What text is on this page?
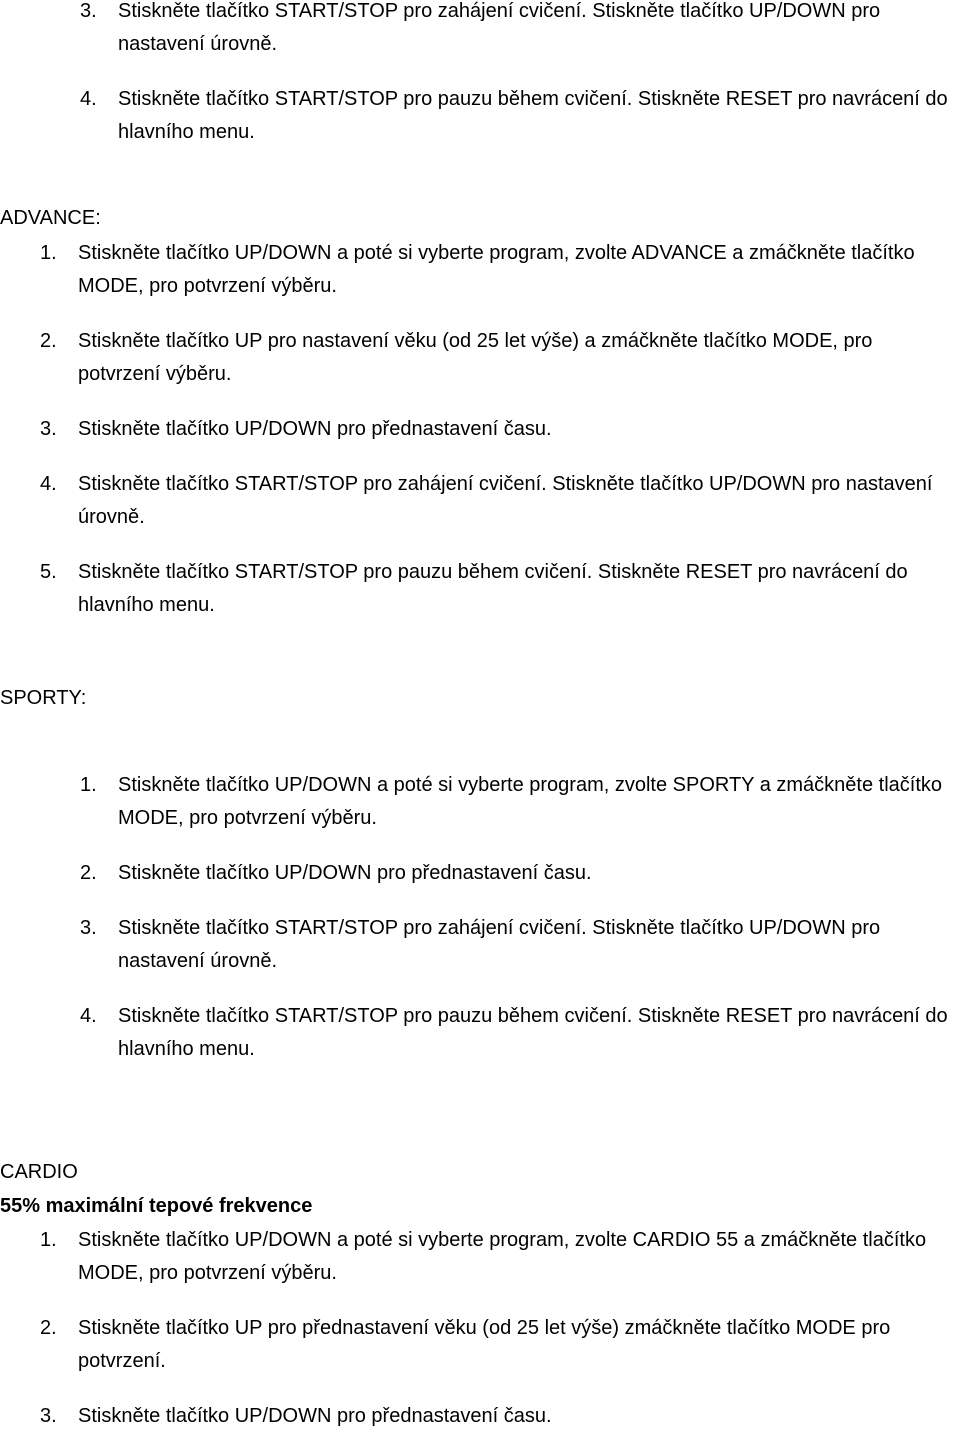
3. Stiskněte tlačítko START/STOP pro zahájení cvičení. Stiskněte tlačítko UP/DOWN pro nastavení úrovně.
4. Stiskněte tlačítko START/STOP pro pauzu během cvičení. Stiskněte RESET pro navrácení do hlavního menu.
ADVANCE:
1. Stiskněte tlačítko UP/DOWN a poté si vyberte program, zvolte ADVANCE a zmáčkněte tlačítko MODE, pro potvrzení výběru.
2. Stiskněte tlačítko UP pro nastavení věku (od 25 let výše) a zmáčkněte tlačítko MODE, pro potvrzení výběru.
3. Stiskněte tlačítko UP/DOWN pro přednastavení času.
4. Stiskněte tlačítko START/STOP pro zahájení cvičení. Stiskněte tlačítko UP/DOWN pro nastavení úrovně.
5. Stiskněte tlačítko START/STOP pro pauzu během cvičení. Stiskněte RESET pro navrácení do hlavního menu.
SPORTY:
1. Stiskněte tlačítko UP/DOWN a poté si vyberte program, zvolte SPORTY a zmáčkněte tlačítko MODE, pro potvrzení výběru.
2. Stiskněte tlačítko UP/DOWN pro přednastavení času.
3. Stiskněte tlačítko START/STOP pro zahájení cvičení. Stiskněte tlačítko UP/DOWN pro nastavení úrovně.
4. Stiskněte tlačítko START/STOP pro pauzu během cvičení. Stiskněte RESET pro navrácení do hlavního menu.
CARDIO
55% maximální tepové frekvence
1. Stiskněte tlačítko UP/DOWN a poté si vyberte program, zvolte CARDIO 55 a zmáčkněte tlačítko MODE, pro potvrzení výběru.
2. Stiskněte tlačítko UP pro přednastavení věku (od 25 let výše) zmáčkněte tlačítko MODE pro potvrzení.
3. Stiskněte tlačítko UP/DOWN pro přednastavení času.
